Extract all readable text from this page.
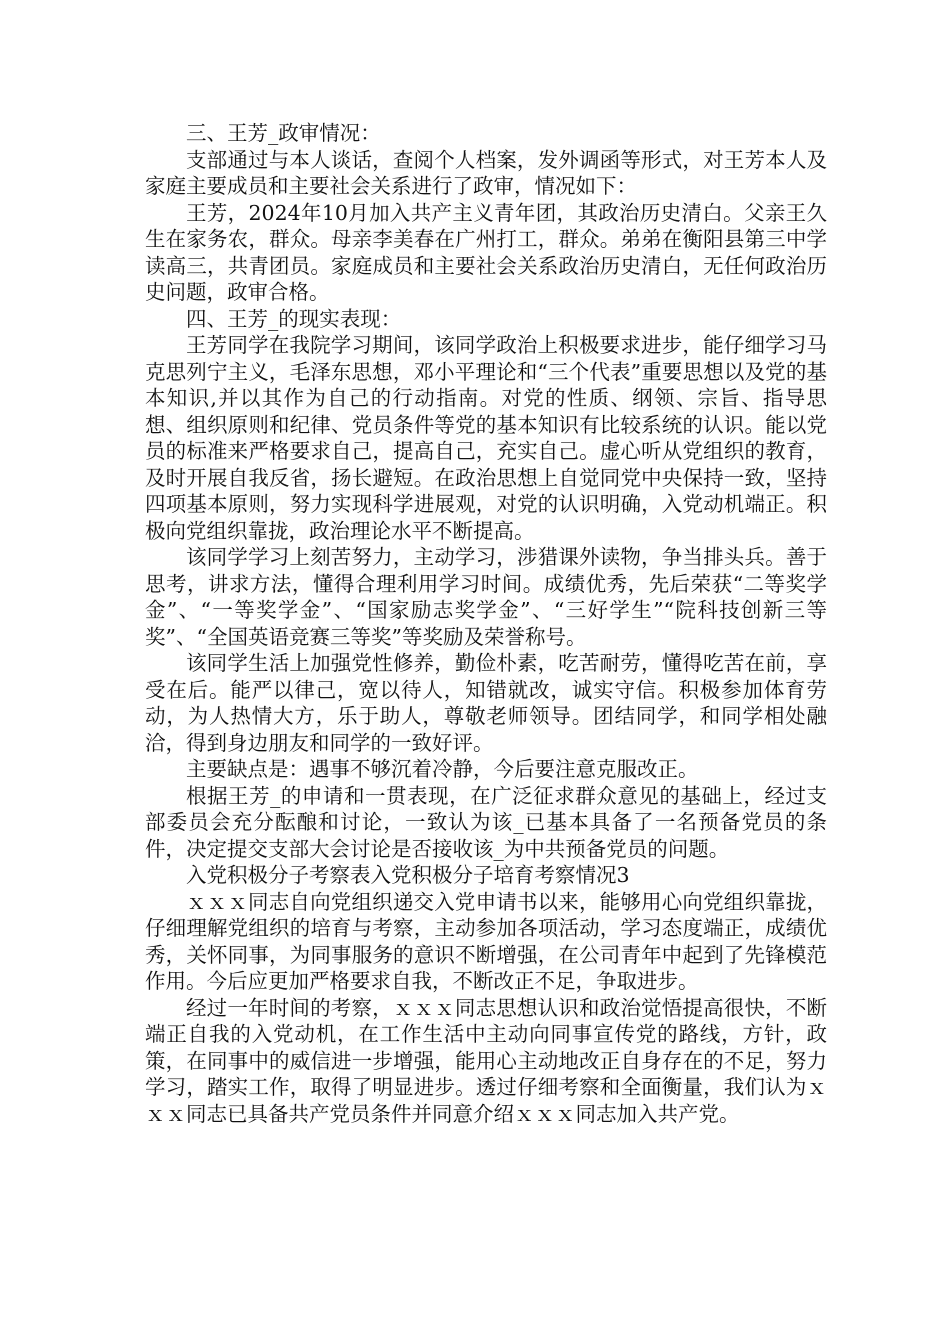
三、王芳_政审情况：

支部通过与本人谈话，查阅个人档案，发外调函等形式，对王芳本人及家庭主要成员和主要社会关系进行了政审，情况如下：

王芳，2024年10月加入共产主义青年团，其政治历史清白。父亲王久生在家务农，群众。母亲李美春在广州打工，群众。弟弟在衡阳县第三中学读高三，共青团员。家庭成员和主要社会关系政治历史清白，无任何政治历史问题，政审合格。

四、王芳_的现实表现：

王芳同学在我院学习期间，该同学政治上积极要求进步，能仔细学习马克思列宁主义，毛泽东思想，邓小平理论和“三个代表”重要思想以及党的基本知识,并以其作为自己的行动指南。对党的性质、纲领、宗旨、指导思想、组织原则和纪律、党员条件等党的基本知识有比较系统的认识。能以党员的标准来严格要求自己，提高自己，充实自己。虚心听从党组织的教育，及时开展自我反省，扬长避短。在政治思想上自觉同党中央保持一致，坚持四项基本原则，努力实现科学进展观，对党的认识明确，入党动机端正。积极向党组织靠拢，政治理论水平不断提高。

该同学学习上刻苦努力，主动学习，涉猎课外读物，争当排头兵。善于思考，讲求方法，懂得合理利用学习时间。成绩优秀，先后荣获“二等奖学金”、“一等奖学金”、“国家励志奖学金”、“三好学生”“院科技创新三等奖”、“全国英语竞赛三等奖”等奖励及荣誉称号。

该同学生活上加强党性修养，勤俭朴素，吃苦耐劳，懂得吃苦在前，享受在后。能严以律己，宽以待人，知错就改，诚实守信。积极参加体育劳动，为人热情大方，乐于助人，尊敬老师领导。团结同学，和同学相处融洽，得到身边朋友和同学的一致好评。

主要缺点是：遇事不够沉着冷静，今后要注意克服改正。

根据王芳_的申请和一贯表现，在广泛征求群众意见的基础上，经过支部委员会充分酝酿和讨论，一致认为该_已基本具备了一名预备党员的条件，决定提交支部大会讨论是否接收该_为中共预备党员的问题。

入党积极分子考察表入党积极分子培育考察情况3

ｘｘｘ同志自向党组织递交入党申请书以来，能够用心向党组织靠拢，仔细理解党组织的培育与考察，主动参加各项活动，学习态度端正，成绩优秀，关怀同事，为同事服务的意识不断增强，在公司青年中起到了先锋模范作用。今后应更加严格要求自我，不断改正不足，争取进步。

经过一年时间的考察，ｘｘｘ同志思想认识和政治觉悟提高很快，不断端正自我的入党动机，在工作生活中主动向同事宣传党的路线，方针，政策，在同事中的威信进一步增强，能用心主动地改正自身存在的不足，努力学习，踏实工作，取得了明显进步。透过仔细考察和全面衡量，我们认为ｘｘｘ同志已具备共产党员条件并同意介绍ｘｘｘ同志加入共产党。
